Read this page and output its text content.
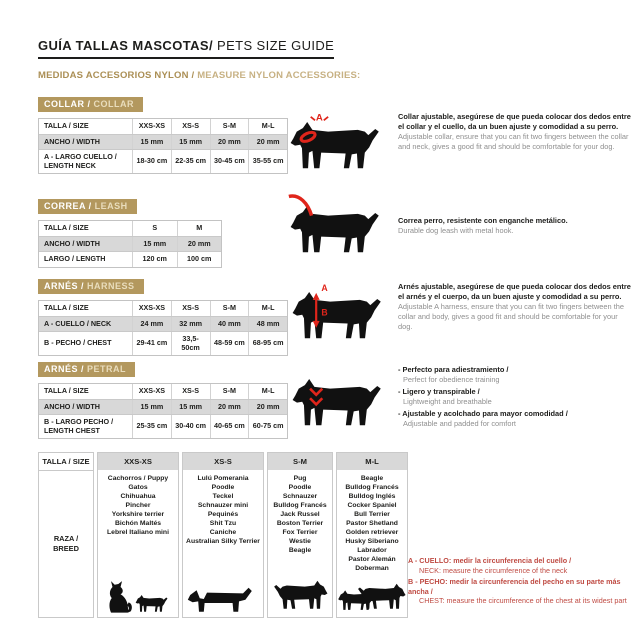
GUÍA TALLAS MASCOTAS/ PETS SIZE GUIDE
MEDIDAS ACCESORIOS NYLON / MEASURE NYLON ACCESSORIES:
COLLAR / COLLAR
TALLA / SIZE	XXS-XS	XS-S	S-M	M-L
ANCHO / WIDTH	15 mm	15 mm	20 mm	20 mm
A - LARGO CUELLO / LENGTH NECK	18-30 cm	22-35 cm	30-45 cm	35-55 cm
A	Collar ajustable, asegúrese de que pueda colocar dos dedos entre el collar y el cuello, da un buen ajuste y comodidad a su perro.
Adjustable collar, ensure that you can fit two fingers between the collar and neck, gives a good fit and should be comfortable for your dog.
CORREA / LEASH
TALLA / SIZE	S	M
ANCHO / WIDTH	15 mm	20 mm
LARGO / LENGTH	120 cm	100 cm
Correa perro, resistente con enganche metálico.
Durable dog leash with metal hook.
ARNÉS / HARNESS
TALLA / SIZE	XXS-XS	XS-S	S-M	M-L
A - CUELLO / NECK	24 mm	32 mm	40 mm	48 mm
B - PECHO / CHEST	29-41 cm	33,5-50cm	48-59 cm	68-95 cm
A
B
Arnés ajustable, asegúrese de que pueda colocar dos dedos entre el arnés y el cuerpo, da un buen ajuste y comodidad a su perro.
Adjustable A harness, ensure that you can fit two fingers between the collar and body, gives a good fit and should be comfortable for your dog.
ARNÉS / PETRAL
TALLA / SIZE	XXS-XS	XS-S	S-M	M-L
ANCHO / WIDTH	15 mm	15 mm	20 mm	20 mm
B - LARGO PECHO / LENGTH CHEST	25-35 cm	30-40 cm	40-65 cm	60-75 cm
- Perfecto para adiestramiento /
Perfect for obedience training
- Ligero y transpirable /
Lightweight and breathable
- Ajustable y acolchado para mayor comodidad /
Adjustable and padded for comfort
TALLA / SIZE
RAZA / BREED
XXS-XS
Cachorros / Puppy
Gatos
Chihuahua
Pincher
Yorkshire terrier
Bichón Maltés
Lebrel Italiano mini
XS-S
Lulú Pomerania
Poodle
Teckel
Schnauzer mini
Pequinés
Shit Tzu
Caniche
Australian Silky Terrier
S-M
Pug
Poodle
Schnauzer
Bulldog Francés
Jack Russel
Boston Terrier
Fox Terrier
Westie
Beagle
M-L
Beagle
Bulldog Francés
Bulldog Inglés
Cocker Spaniel
Bull Terrier
Pastor Shetland
Golden retriever
Husky Siberiano
Labrador
Pastor Alemán
Doberman
A - CUELLO: medir la circunferencia del cuello /
NECK: measure the circumference of the neck
B - PECHO: medir la circunferencia del pecho en su parte más ancha /
CHEST: measure the circumference of the chest at its widest part
